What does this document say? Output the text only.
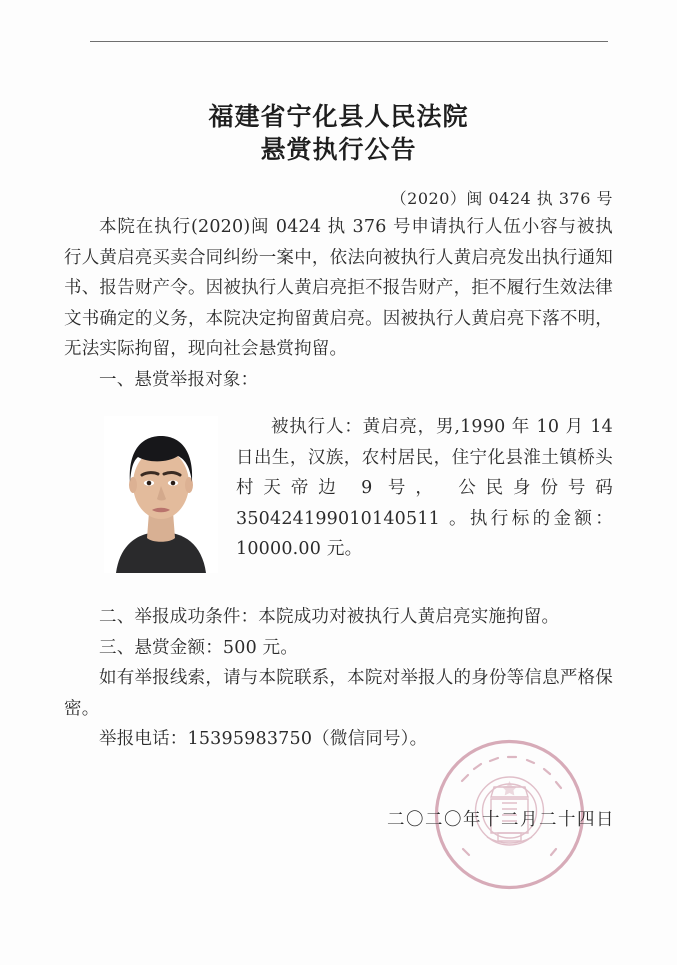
福建省宁化县人民法院
悬赏执行公告
（2020）闽 0424 执 376 号

本院在执行(2020)闽 0424 执 376 号申请执行人伍小容与被执行人黄启亮买卖合同纠纷一案中，依法向被执行人黄启亮发出执行通知书、报告财产令。因被执行人黄启亮拒不报告财产，拒不履行生效法律文书确定的义务，本院决定拘留黄启亮。因被执行人黄启亮下落不明，无法实际拘留，现向社会悬赏拘留。

一、悬赏举报对象：

被执行人：黄启亮，男,1990 年 10 月 14 日出生，汉族，农村居民，住宁化县淮土镇桥头村天帝边 9 号， 公民身份号码 350424199010140511 。执行标的金额： 10000.00 元。

二、举报成功条件：本院成功对被执行人黄启亮实施拘留。

三、悬赏金额：500 元。

如有举报线索，请与本院联系，本院对举报人的身份等信息严格保密。

举报电话：15395983750（微信同号）。

二〇二〇年十二月二十四日
